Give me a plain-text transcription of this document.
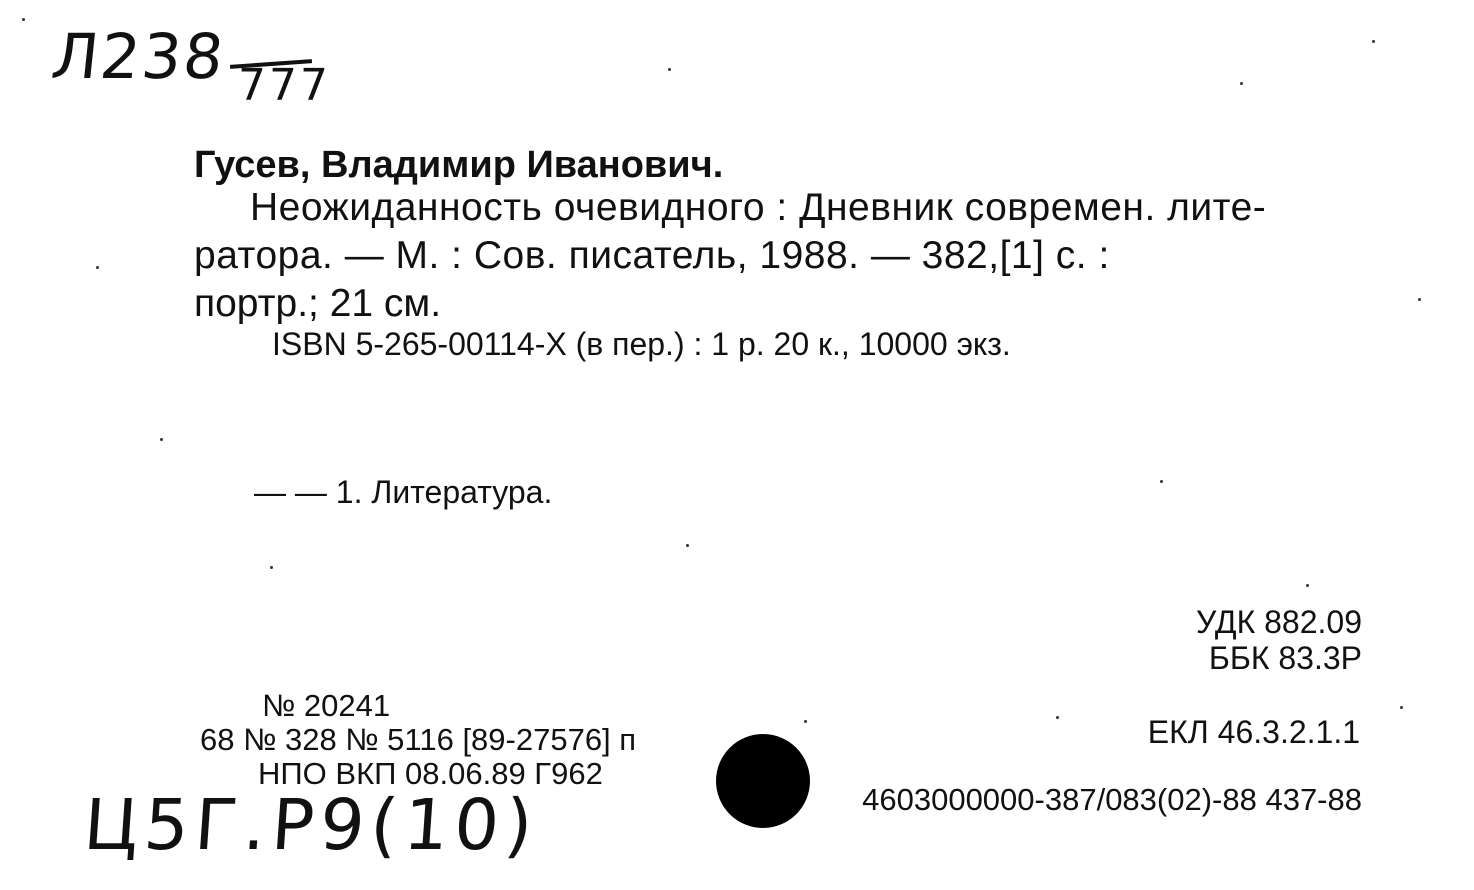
Л238 777
Гусев, Владимир Иванович.
Неожиданность очевидного : Дневник современ. лите-
ратора. — М. : Сов. писатель, 1988. — 382,[1] с. :
портр.; 21 см.
ISBN 5-265-00114-Х (в пер.) : 1 р. 20 к., 10000 экз.
— — 1. Литература.
УДК 882.09
ББК 83.3Р
ЕКЛ 46.3.2.1.1
№ 20241
68 № 328 № 5116 [89-27576] п
НПО ВКП 08.06.89 Г962
4603000000-387/083(02)-88 437-88
Ц5Г.Р9(10)
